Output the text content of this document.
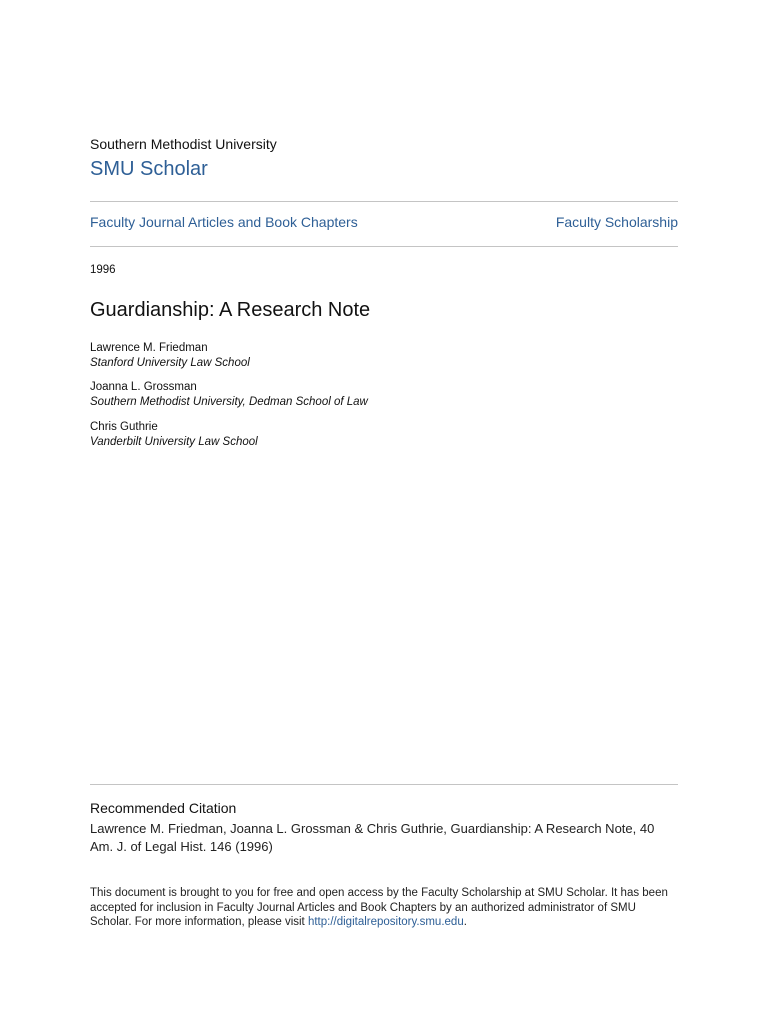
Southern Methodist University
SMU Scholar
Faculty Journal Articles and Book Chapters	Faculty Scholarship
1996
Guardianship: A Research Note
Lawrence M. Friedman
Stanford University Law School
Joanna L. Grossman
Southern Methodist University, Dedman School of Law
Chris Guthrie
Vanderbilt University Law School
Recommended Citation
Lawrence M. Friedman, Joanna L. Grossman & Chris Guthrie, Guardianship: A Research Note, 40 Am. J. of Legal Hist. 146 (1996)
This document is brought to you for free and open access by the Faculty Scholarship at SMU Scholar. It has been accepted for inclusion in Faculty Journal Articles and Book Chapters by an authorized administrator of SMU Scholar. For more information, please visit http://digitalrepository.smu.edu.
